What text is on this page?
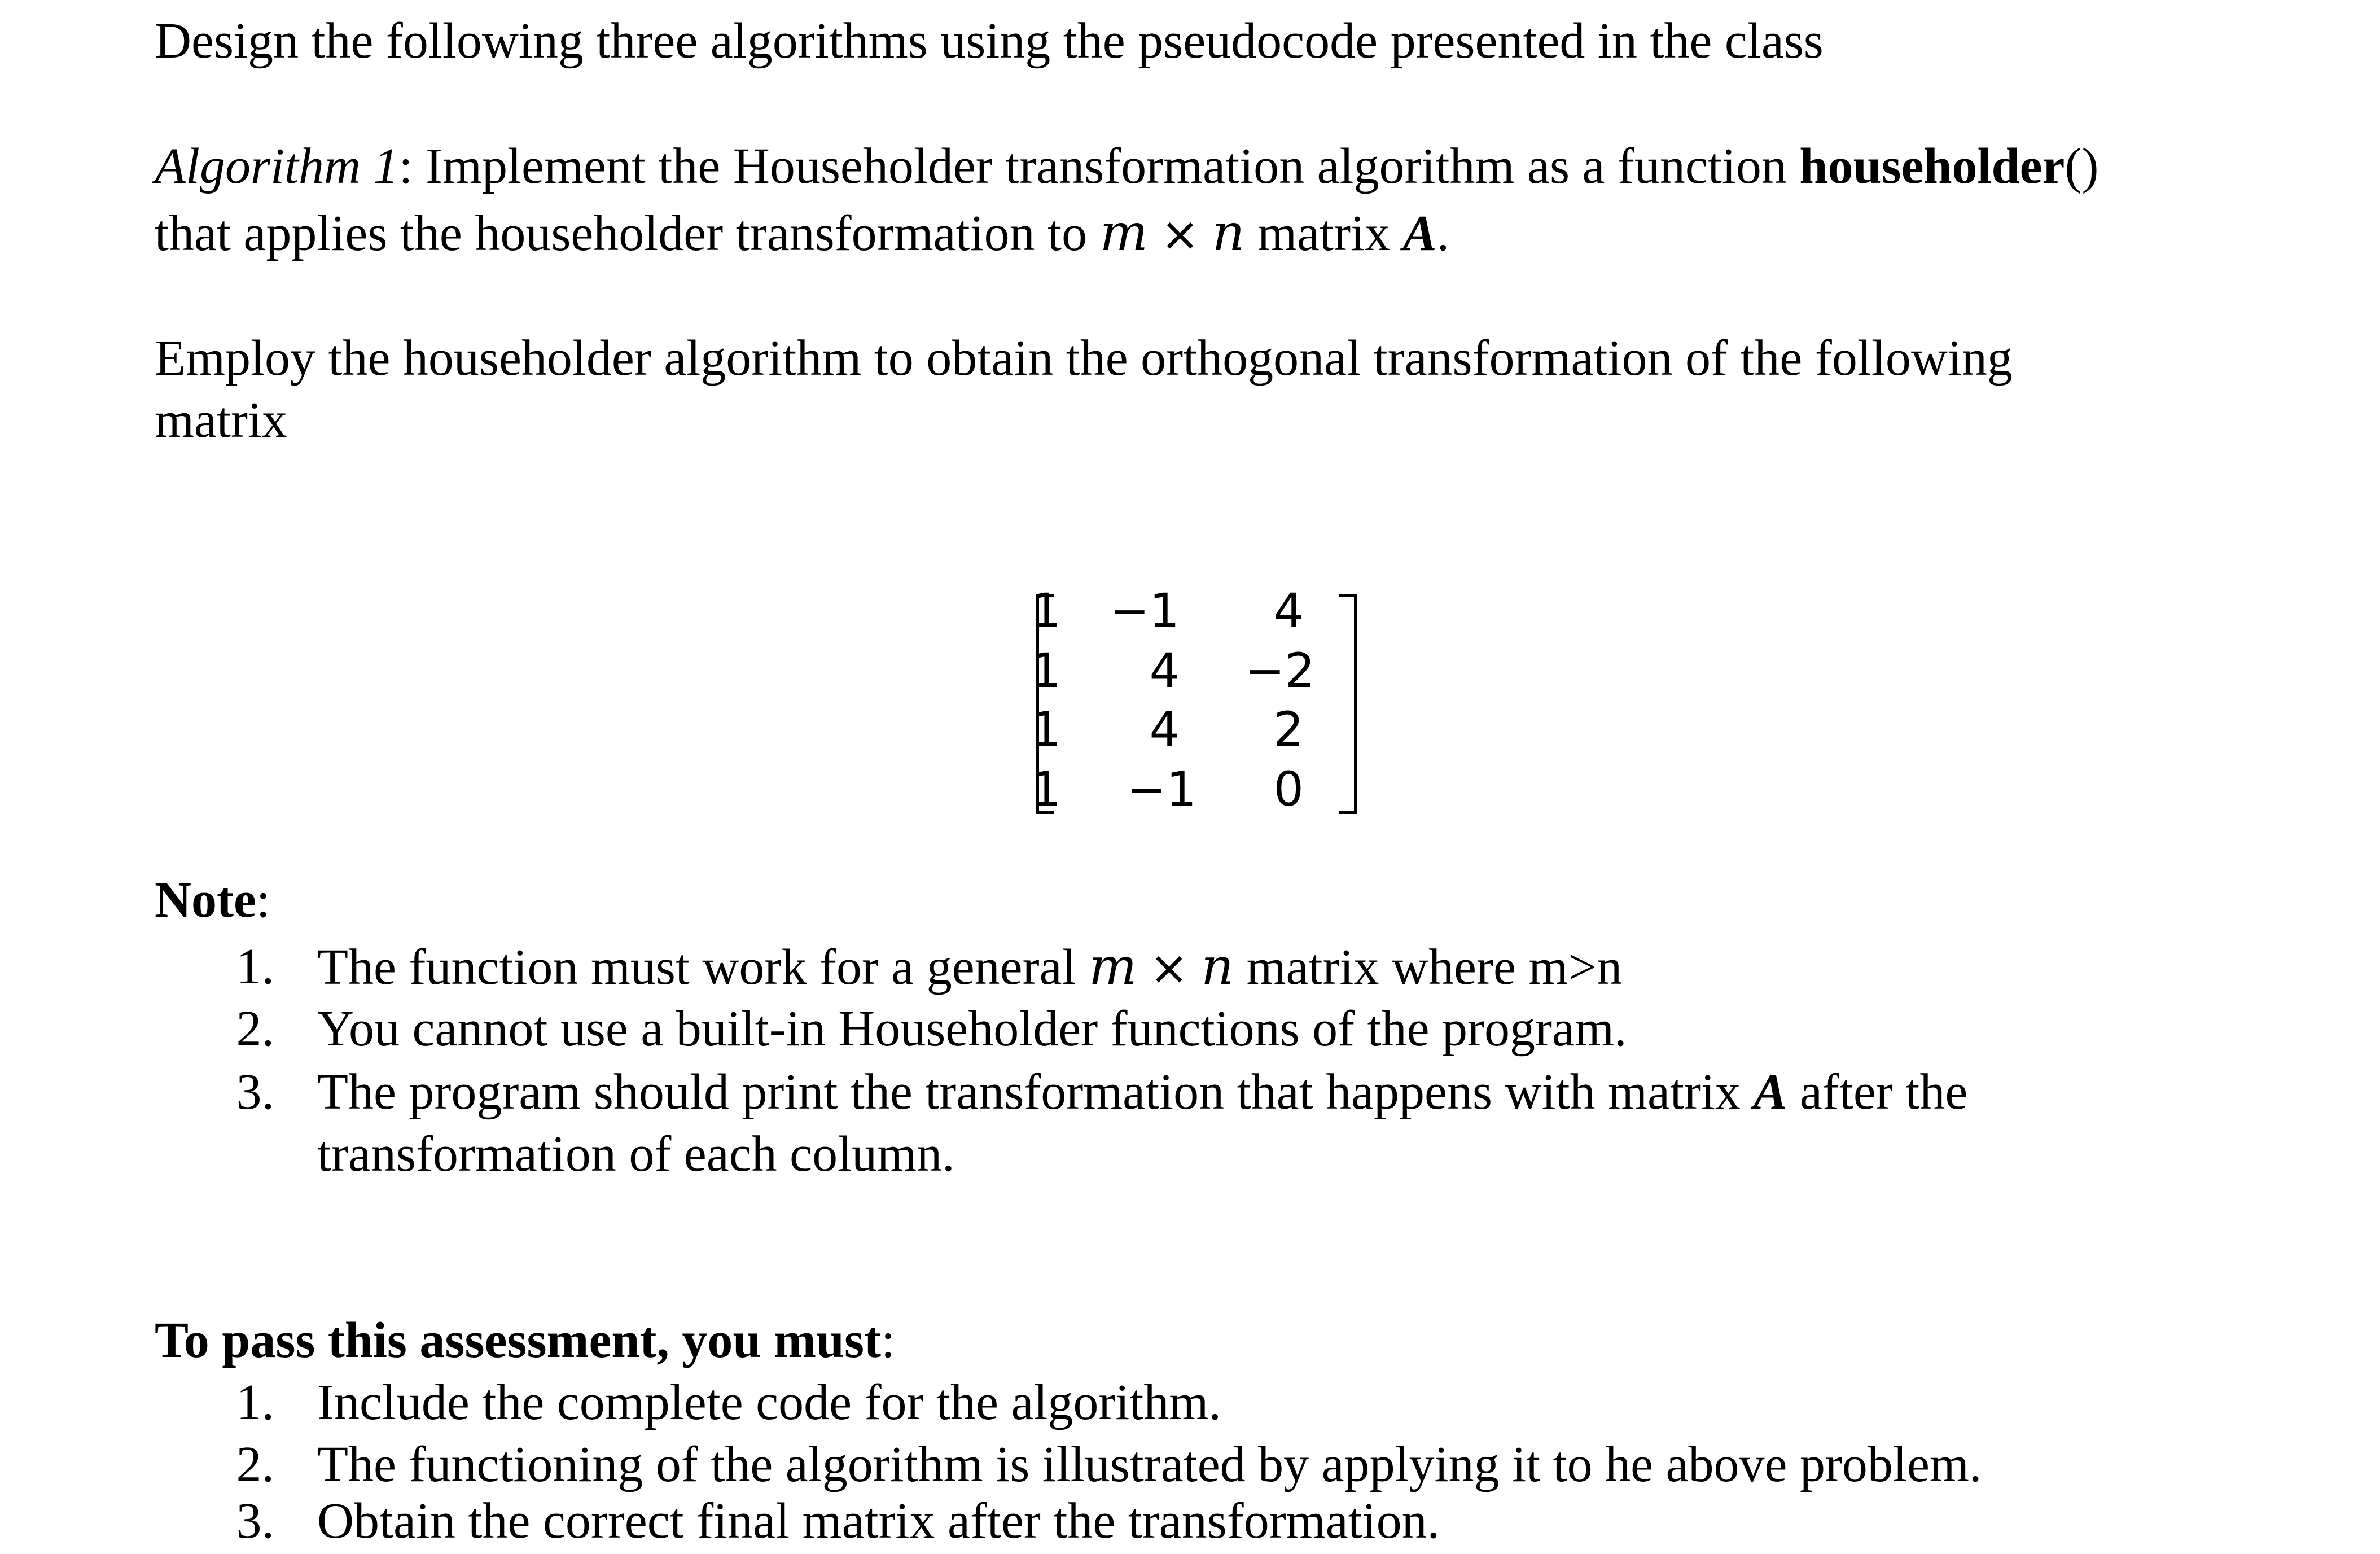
Design the following three algorithms using the pseudocode presented in the class
Algorithm 1: Implement the Householder transformation algorithm as a function householder()
that applies the householder transformation to m × n matrix A.
Employ the householder algorithm to obtain the orthogonal transformation of the following
matrix
1	−1	4
1	4	−2
1	4	2
1	−1	0
Note:
1. The function must work for a general m × n matrix where m>n
2. You cannot use a built-in Householder functions of the program.
3. The program should print the transformation that happens with matrix A after the
transformation of each column.
To pass this assessment, you must:
1. Include the complete code for the algorithm.
2. The functioning of the algorithm is illustrated by applying it to he above problem.
3. Obtain the correct final matrix after the transformation.
